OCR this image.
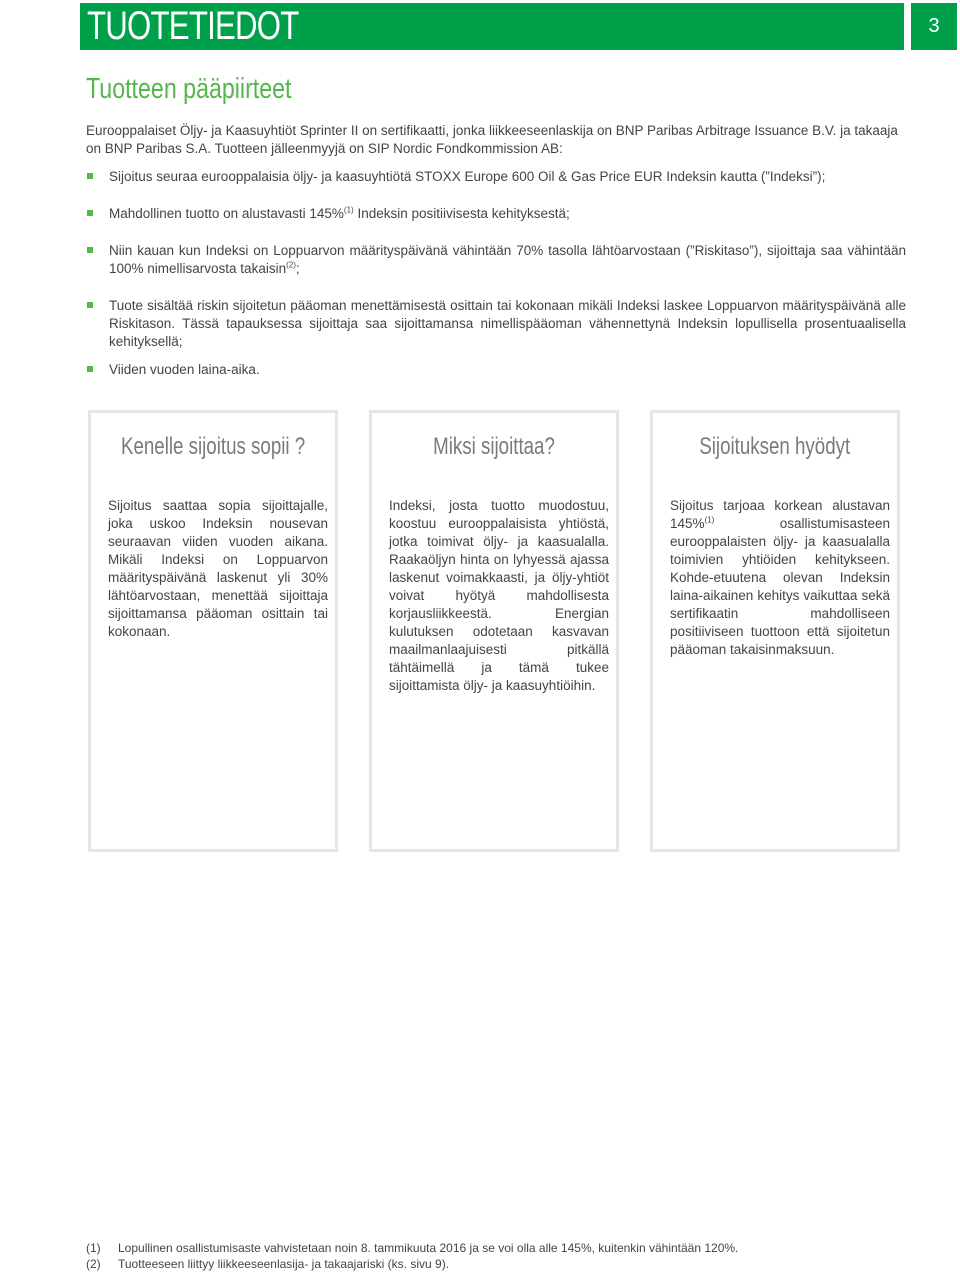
TUOTETIEDOT	3
Tuotteen pääpiirteet
Eurooppalaiset Öljy- ja Kaasuyhtiöt Sprinter II on sertifikaatti, jonka liikkeeseenlaskija on BNP Paribas Arbitrage Issuance B.V. ja takaaja on BNP Paribas S.A. Tuotteen jälleenmyyjä on SIP Nordic Fondkommission AB:
Sijoitus seuraa eurooppalaisia öljy- ja kaasuyhtiötä STOXX Europe 600 Oil & Gas Price EUR Indeksin kautta (”Indeksi”);
Mahdollinen tuotto on alustavasti 145%$^{(1)}$ Indeksin positiivisesta kehityksestä;
Niin kauan kun Indeksi on Loppuarvon määrityspäivänä vähintään 70% tasolla lähtöarvostaan (”Riskitaso”), sijoittaja saa vähintään 100% nimellisarvosta takaisin$^{(2)}$;
Tuote sisältää riskin sijoitetun pääoman menettämisestä osittain tai kokonaan mikäli Indeksi laskee Loppuarvon määrityspäivänä alle Riskitason. Tässä tapauksessa sijoittaja saa sijoittamansa nimellispääoman vähennettynä Indeksin lopullisella prosentuaalisella kehityksellä;
Viiden vuoden laina-aika.
Kenelle sijoitus sopii ?
Sijoitus saattaa sopia sijoittajalle, joka uskoo Indeksin nousevan seuraavan viiden vuoden aikana. Mikäli Indeksi on Loppuarvon määrityspäivänä laskenut yli 30% lähtöarvostaan, menettää sijoittaja sijoittamansa pääoman osittain tai kokonaan.
Miksi sijoittaa?
Indeksi, josta tuotto muodostuu, koostuu eurooppalaisista yhtiöstä, jotka toimivat öljy- ja kaasualalla. Raakaöljyn hinta on lyhyessä ajassa laskenut voimakkaasti, ja öljy-yhtiöt voivat hyötyä mahdollisesta korjausliikkeestä. Energian kulutuksen odotetaan kasvavan maailmanlaajuisesti pitkällä tähtäimellä ja tämä tukee sijoittamista öljy- ja kaasuyhtiöihin.
Sijoituksen hyödyt
Sijoitus tarjoaa korkean alustavan 145%$^{(1)}$ osallistumisasteen eurooppalaisten öljy- ja kaasualalla toimivien yhtiöiden kehitykseen. Kohde-etuutena olevan Indeksin laina-aikainen kehitys vaikuttaa sekä sertifikaatin mahdolliseen positiiviseen tuottoon että sijoitetun pääoman takaisinmaksuun.
(1)	Lopullinen osallistumisaste vahvistetaan noin 8. tammikuuta 2016 ja se voi olla alle 145%, kuitenkin vähintään 120%.
(2)	Tuotteeseen liittyy liikkeeseenlasija- ja takaajariski (ks. sivu 9).
